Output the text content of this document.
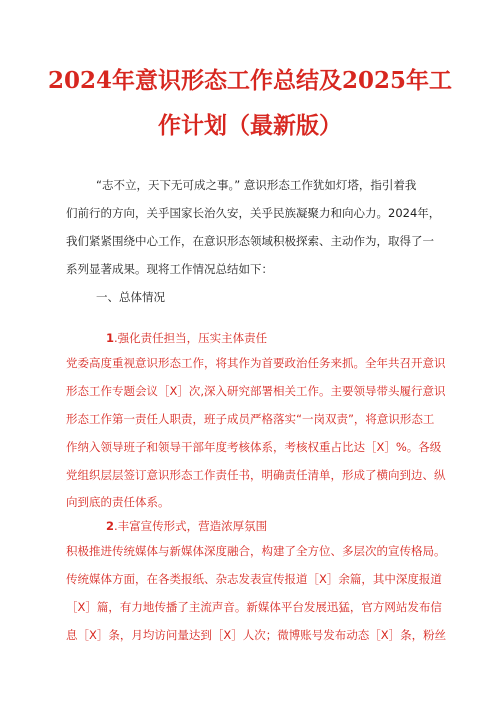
2024年意识形态工作总结及2025年工
作计划（最新版）
“志不立，天下无可成之事。” 意识形态工作犹如灯塔，指引着我
们前行的方向，关乎国家长治久安，关乎民族凝聚力和向心力。2024年，
我们紧紧围绕中心工作，在意识形态领域积极探索、主动作为，取得了一
系列显著成果。现将工作情况总结如下：
一、总体情况
1.强化责任担当，压实主体责任
党委高度重视意识形态工作，将其作为首要政治任务来抓。全年共召开意识
形态工作专题会议［X］次,深入研究部署相关工作。主要领导带头履行意识
形态工作第一责任人职责，班子成员严格落实“一岗双责”，将意识形态工
作纳入领导班子和领导干部年度考核体系，考核权重占比达［X］%。各级
党组织层层签订意识形态工作责任书，明确责任清单，形成了横向到边、纵
向到底的责任体系。
2.丰富宣传形式，营造浓厚氛围
积极推进传统媒体与新媒体深度融合，构建了全方位、多层次的宣传格局。
传统媒体方面，在各类报纸、杂志发表宣传报道［X］余篇，其中深度报道
［X］篇，有力地传播了主流声音。新媒体平台发展迅猛，官方网站发布信
息［X］条，月均访问量达到［X］人次；微博账号发布动态［X］条，粉丝
